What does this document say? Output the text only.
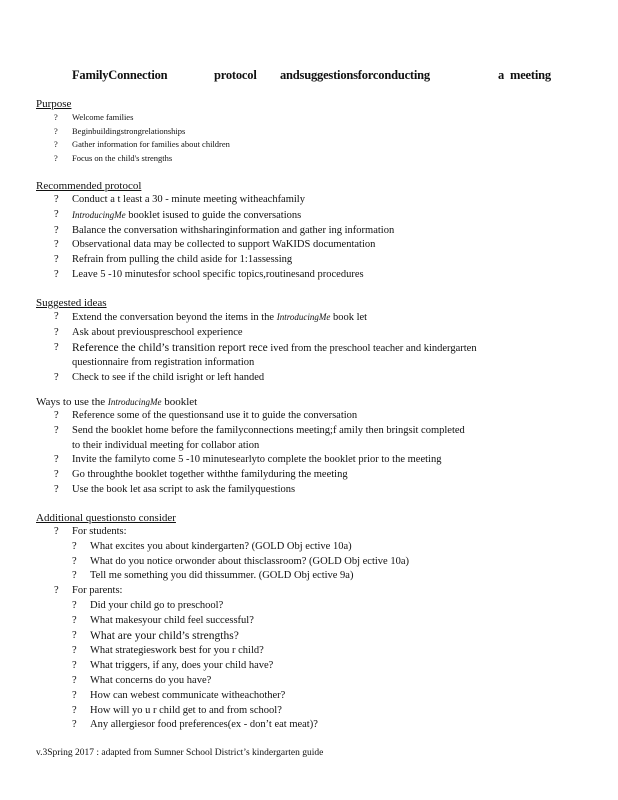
FamilyConnection	protocol	andsuggestionsforconducting	a meeting
Purpose
? Welcome families
? Beginbuildingstrongrelationships
? Gather information for families about children
? Focus on the child's strengths
Recommended protocol
? Conduct a t least a 30 - minute meeting witheachfamily
? IntroducingMe booklet isused to guide the conversations
? Balance the conversation withsharinginformation and gather ing information
? Observational data may be collected to support WaKIDS documentation
? Refrain from pulling the child aside for 1:1assessing
? Leave 5 -10 minutesfor school specific topics,routinesand procedures
Suggested ideas
? Extend the conversation beyond the items in the IntroducingMe book let
? Ask about previouspreschool experience
? Reference the child’s transition report rece ived from the preschool teacher and kindergarten
questionnaire from registration information
? Check to see if the child isright or left handed
Ways to use the IntroducingMe booklet
? Reference some of the questionsand use it to guide the conversation
? Send the booklet home before the familyconnections meeting;f amily then bringsit completed
to their individual meeting for collabor ation
? Invite the familyto come 5 -10 minutesearlyto complete the booklet prior to the meeting
? Go throughthe booklet together withthe familyduring the meeting
? Use the book let asa script to ask the familyquestions
Additional questionsto consider
? For students:
? What excites you about kindergarten? (GOLD Obj ective 10a)
? What do you notice orwonder about thisclassroom? (GOLD Obj ective 10a)
? Tell me something you did thissummer. (GOLD Obj ective 9a)
? For parents:
? Did your child go to preschool?
? What makesyour child feel successful?
? What are your child’s strengths?
? What strategieswork best for you r child?
? What triggers, if any, does your child have?
? What concerns do you have?
? How can webest communicate witheachother?
? How will yo u r child get to and from school?
? Any allergiesor food preferences(ex - don’t eat meat)?
v.3Spring 2017 : adapted from Sumner School District’s kindergarten guide
